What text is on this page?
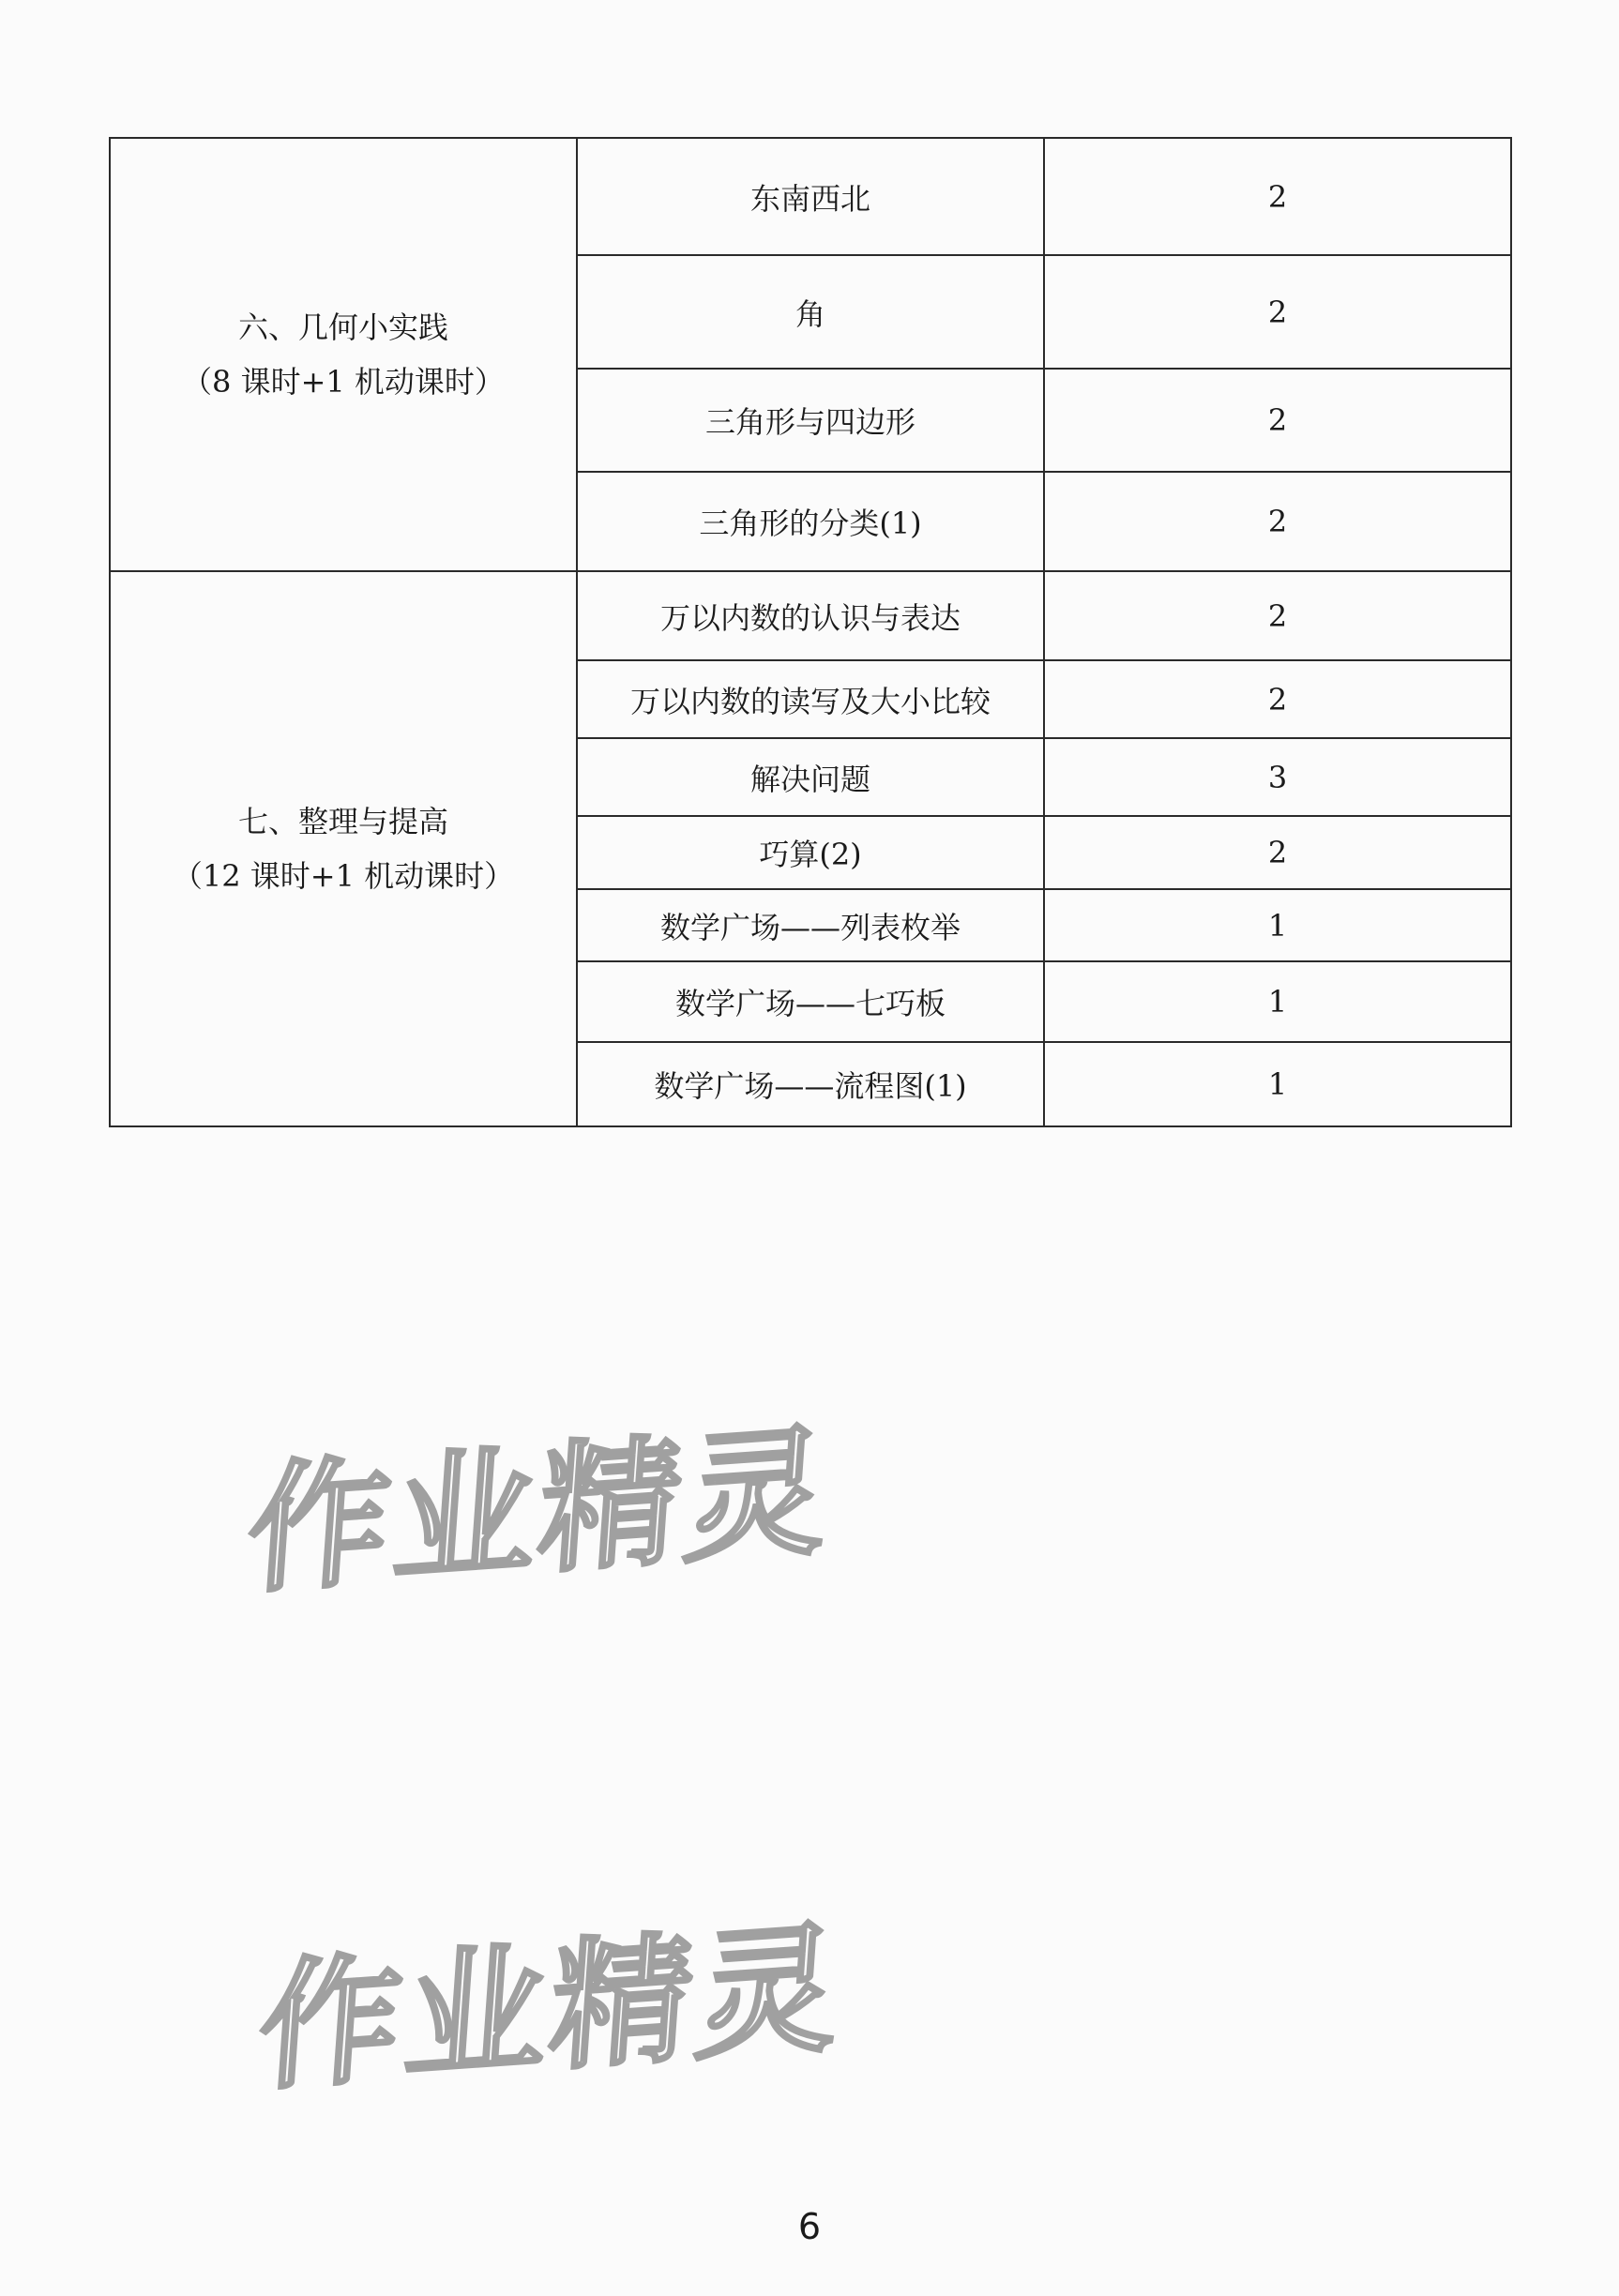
六、几何小实践
（8 课时+1 机动课时）	东南西北	2
	角	2
	三角形与四边形	2
	三角形的分类(1)	2

七、整理与提高
（12 课时+1 机动课时）	万以内数的认识与表达	2
	万以内数的读写及大小比较	2
	解决问题	3
	巧算(2)	2
	数学广场——列表枚举	1
	数学广场——七巧板	1
	数学广场——流程图(1)	1
作业精灵
作业精灵
6
